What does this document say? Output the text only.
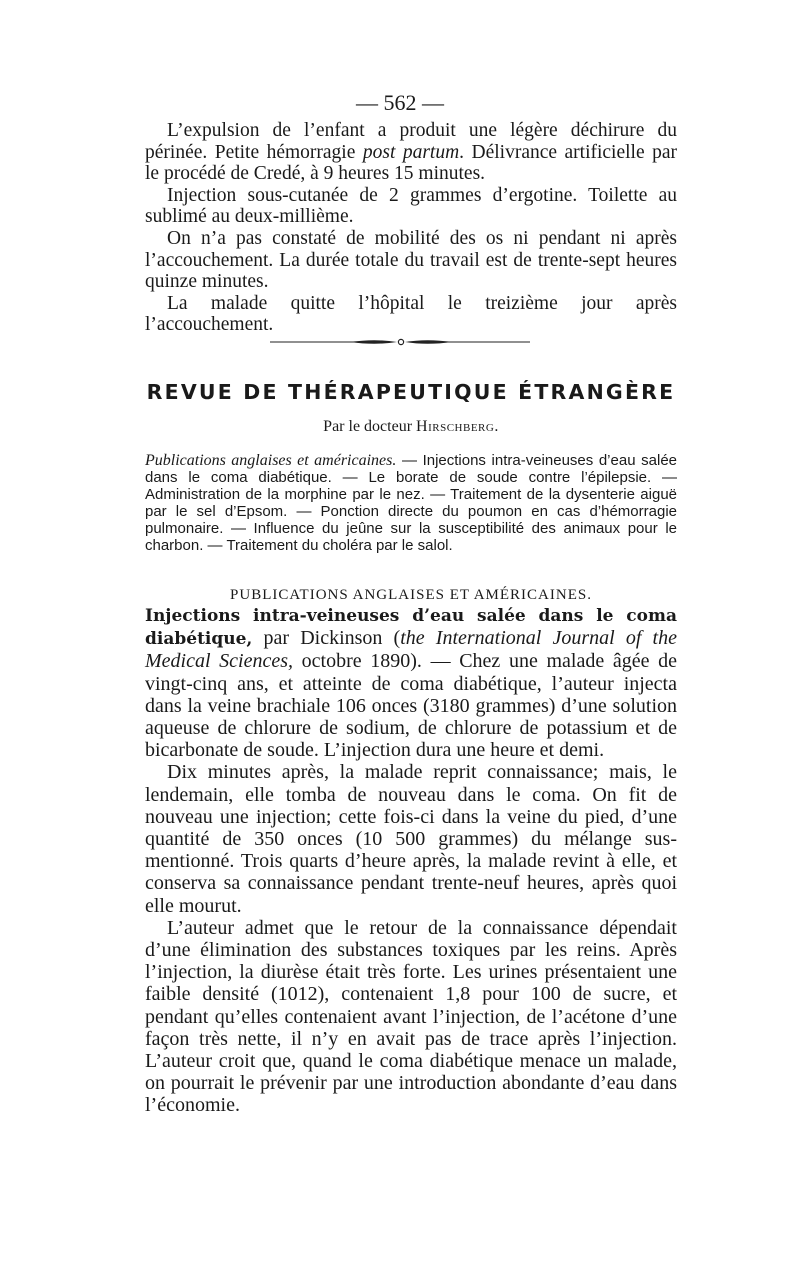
— 562 —

L’expulsion de l’enfant a produit une légère déchirure du périnée. Petite hémorragie post partum. Délivrance artificielle par le procédé de Credé, à 9 heures 15 minutes.

Injection sous-cutanée de 2 grammes d’ergotine. Toilette au sublimé au deux-millième.

On n’a pas constaté de mobilité des os ni pendant ni après l’accouchement. La durée totale du travail est de trente-sept heures quinze minutes.

La malade quitte l’hôpital le treizième jour après l’accouchement.

REVUE DE THÉRAPEUTIQUE ÉTRANGÈRE
Par le docteur Hirschberg.

Publications anglaises et américaines. — Injections intra-veineuses d’eau salée dans le coma diabétique. — Le borate de soude contre l’épilepsie. — Administration de la morphine par le nez. — Traitement de la dysenterie aiguë par le sel d’Epsom. — Ponction directe du poumon en cas d’hémorragie pulmonaire. — Influence du jeûne sur la susceptibilité des animaux pour le charbon. — Traitement du choléra par le salol.

PUBLICATIONS ANGLAISES ET AMÉRICAINES.

Injections intra-veineuses d’eau salée dans le coma diabétique, par Dickinson (the International Journal of the Medical Sciences, octobre 1890). — Chez une malade âgée de vingt-cinq ans, et atteinte de coma diabétique, l’auteur injecta dans la veine brachiale 106 onces (3180 grammes) d’une solution aqueuse de chlorure de sodium, de chlorure de potassium et de bicarbonate de soude. L’injection dura une heure et demi.

Dix minutes après, la malade reprit connaissance; mais, le lendemain, elle tomba de nouveau dans le coma. On fit de nouveau une injection; cette fois-ci dans la veine du pied, d’une quantité de 350 onces (10 500 grammes) du mélange sus-mentionné. Trois quarts d’heure après, la malade revint à elle, et conserva sa connaissance pendant trente-neuf heures, après quoi elle mourut.

L’auteur admet que le retour de la connaissance dépendait d’une élimination des substances toxiques par les reins. Après l’injection, la diurèse était très forte. Les urines présentaient une faible densité (1012), contenaient 1,8 pour 100 de sucre, et pendant qu’elles contenaient avant l’injection, de l’acétone d’une façon très nette, il n’y en avait pas de trace après l’injection. L’auteur croit que, quand le coma diabétique menace un malade, on pourrait le prévenir par une introduction abondante d’eau dans l’économie.
